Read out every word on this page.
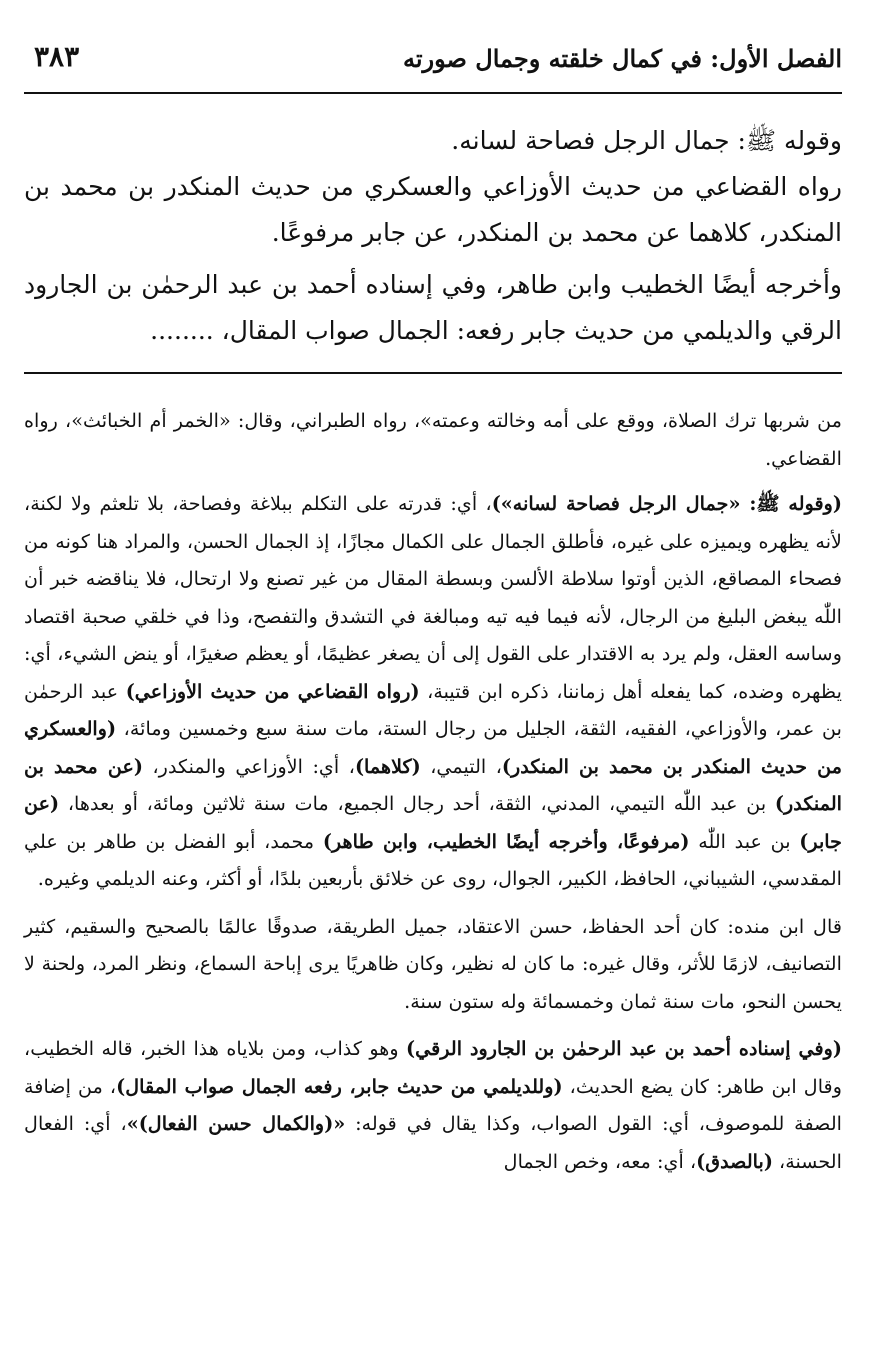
الفصل الأول: في كمال خلقته وجمال صورته
٣٨٣

وقوله ﷺ: جمال الرجل فصاحة لسانه.

رواه القضاعي من حديث الأوزاعي والعسكري من حديث المنكدر بن محمد بن المنكدر، كلاهما عن محمد بن المنكدر، عن جابر مرفوعًا.

وأخرجه أيضًا الخطيب وابن طاهر، وفي إسناده أحمد بن عبد الرحمٰن بن الجارود الرقي والديلمي من حديث جابر رفعه: الجمال صواب المقال، ........

من شربها ترك الصلاة، ووقع على أمه وخالته وعمته»، رواه الطبراني، وقال: «الخمر أم الخبائث»، رواه القضاعي.

(وقوله ﷺ: «جمال الرجل فصاحة لسانه»)، أي: قدرته على التكلم ببلاغة وفصاحة، بلا تلعثم ولا لكنة، لأنه يظهره ويميزه على غيره، فأطلق الجمال على الكمال مجازًا، إذ الجمال الحسن، والمراد هنا كونه من فصحاء المصاقع، الذين أوتوا سلاطة الألسن وبسطة المقال من غير تصنع ولا ارتحال، فلا يناقضه خبر أن اللّٰه يبغض البليغ من الرجال، لأنه فيما فيه تيه ومبالغة في التشدق والتفصح، وذا في خلقي صحبة اقتصاد وساسه العقل، ولم يرد به الاقتدار على القول إلى أن يصغر عظيمًا، أو يعظم صغيرًا، أو ينض الشيء، أي: يظهره وضده، كما يفعله أهل زماننا، ذكره ابن قتيبة، (رواه القضاعي من حديث الأوزاعي) عبد الرحمٰن بن عمر، والأوزاعي، الفقيه، الثقة، الجليل من رجال الستة، مات سنة سبع وخمسين ومائة، (والعسكري من حديث المنكدر بن محمد بن المنكدر)، التيمي، (كلاهما)، أي: الأوزاعي والمنكدر، (عن محمد بن المنكدر) بن عبد اللّٰه التيمي، المدني، الثقة، أحد رجال الجميع، مات سنة ثلاثين ومائة، أو بعدها، (عن جابر) بن عبد اللّٰه (مرفوعًا، وأخرجه أيضًا الخطيب، وابن طاهر) محمد، أبو الفضل بن طاهر بن علي المقدسي، الشيباني، الحافظ، الكبير، الجوال، روى عن خلائق بأربعين بلدًا، أو أكثر، وعنه الديلمي وغيره.

قال ابن منده: كان أحد الحفاظ، حسن الاعتقاد، جميل الطريقة، صدوقًا عالمًا بالصحيح والسقيم، كثير التصانيف، لازمًا للأثر، وقال غيره: ما كان له نظير، وكان ظاهريًا يرى إباحة السماع، ونظر المرد، ولحنة لا يحسن النحو، مات سنة ثمان وخمسمائة وله ستون سنة.

(وفي إسناده أحمد بن عبد الرحمٰن بن الجارود الرقي) وهو كذاب، ومن بلاياه هذا الخبر، قاله الخطيب، وقال ابن طاهر: كان يضع الحديث، (وللديلمي من حديث جابر، رفعه الجمال صواب المقال)، من إضافة الصفة للموصوف، أي: القول الصواب، وكذا يقال في قوله: «(والكمال حسن الفعال)»، أي: الفعال الحسنة، (بالصدق)، أي: معه، وخص الجمال
